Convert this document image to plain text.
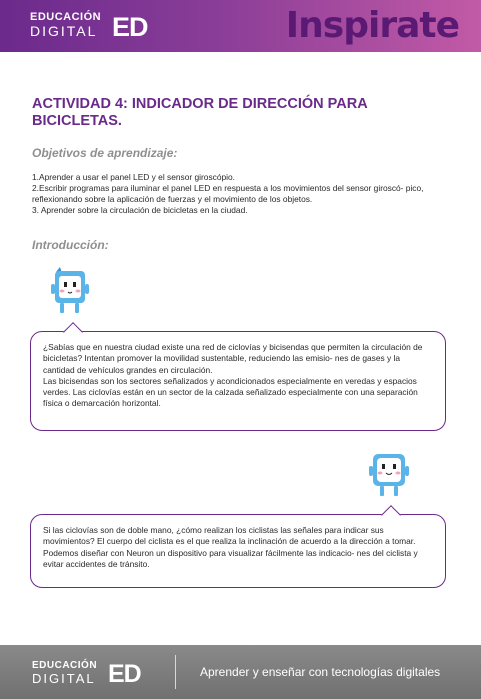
EDUCACIÓN
DIGITAL ED	Inspirate
ACTIVIDAD 4: INDICADOR DE DIRECCIÓN PARA BICICLETAS.
Objetivos de aprendizaje:
1.Aprender a usar el panel LED y el sensor giroscópio.
2.Escribir programas para iluminar el panel LED en respuesta a los movimientos del sensor giroscó- pico, reflexionando sobre la aplicación de fuerzas y el movimiento de los objetos.
3. Aprender sobre la circulación de bicicletas en la ciudad.
Introducción:

¿Sabías que en nuestra ciudad existe una red de ciclovías y bicisendas que permiten la circulación de bicicletas? Intentan promover la movilidad sustentable, reduciendo las emisio- nes de gases y la cantidad de vehículos grandes en circulación.

Las bicisendas son los sectores señalizados y acondicionados especialmente en veredas y espacios verdes. Las ciclovías están en un sector de la calzada señalizado especialmente con una separación física o demarcación horizontal.

Si las ciclovías son de doble mano, ¿cómo realizan los ciclistas las señales para indicar sus movimientos? El cuerpo del ciclista es el que realiza la inclinación de acuerdo a la dirección a tomar. Podemos diseñar con Neuron un dispositivo para visualizar fácilmente las indicacio- nes del ciclista y evitar accidentes de tránsito.

EDUCACIÓN
DIGITAL ED	Aprender y enseñar con tecnologías digitales
